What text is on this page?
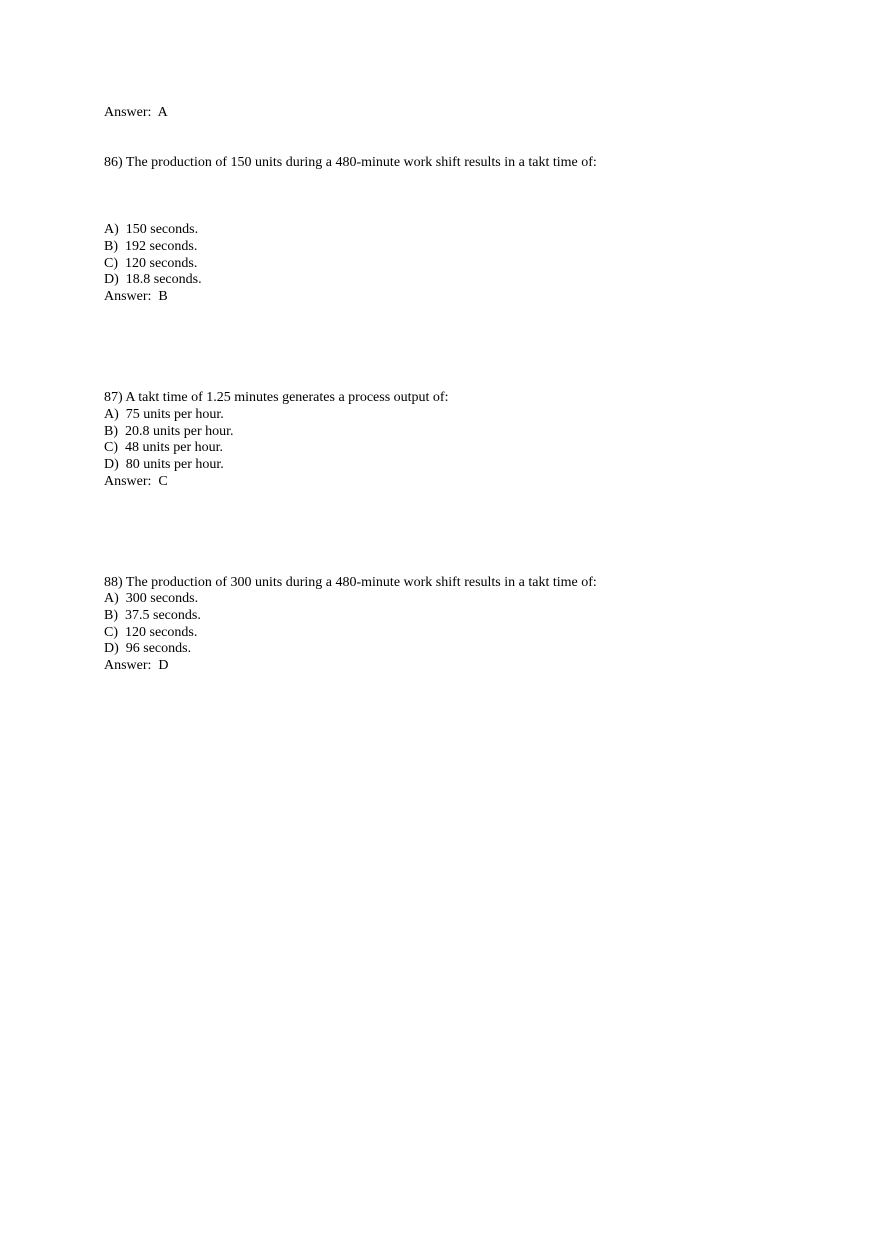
Answer:  A
86) The production of 150 units during a 480-minute work shift results in a takt time of:
A)  150 seconds.
B)  192 seconds.
C)  120 seconds.
D)  18.8 seconds.
Answer:  B
87) A takt time of 1.25 minutes generates a process output of:
A)  75 units per hour.
B)  20.8 units per hour.
C)  48 units per hour.
D)  80 units per hour.
Answer:  C
88) The production of 300 units during a 480-minute work shift results in a takt time of:
A)  300 seconds.
B)  37.5 seconds.
C)  120 seconds.
D)  96 seconds.
Answer:  D
